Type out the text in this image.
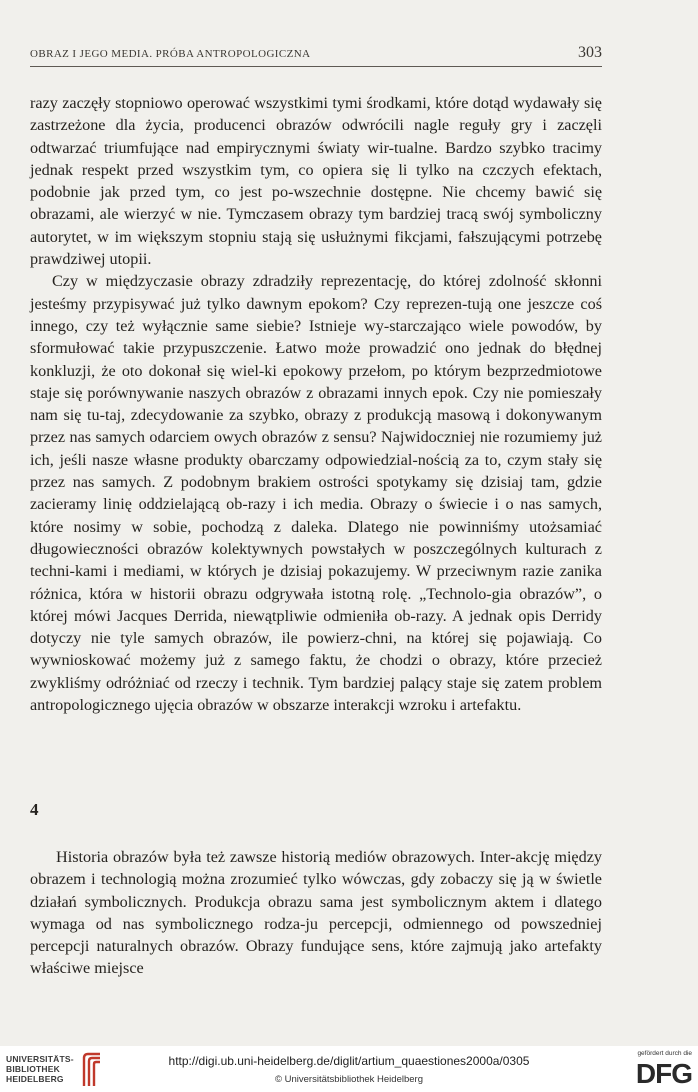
OBRAZ I JEGO MEDIA. PRÓBA ANTROPOLOGICZNA	303

razy zaczęły stopniowo operować wszystkimi tymi środkami, które dotąd wydawały się zastrzeżone dla życia, producenci obrazów odwrócili nagle reguły gry i zaczęli odtwarzać triumfujące nad empirycznymi światy wir-tualne. Bardzo szybko tracimy jednak respekt przed wszystkim tym, co opiera się li tylko na czczych efektach, podobnie jak przed tym, co jest po-wszechnie dostępne. Nie chcemy bawić się obrazami, ale wierzyć w nie. Tymczasem obrazy tym bardziej tracą swój symboliczny autorytet, w im większym stopniu stają się usłużnymi fikcjami, fałszującymi potrzebę prawdziwej utopii.

Czy w międzyczasie obrazy zdradziły reprezentację, do której zdolność skłonni jesteśmy przypisywać już tylko dawnym epokom? Czy reprezen-tują one jeszcze coś innego, czy też wyłącznie same siebie? Istnieje wy-starczająco wiele powodów, by sformułować takie przypuszczenie. Łatwo może prowadzić ono jednak do błędnej konkluzji, że oto dokonał się wiel-ki epokowy przełom, po którym bezprzedmiotowe staje się porównywanie naszych obrazów z obrazami innych epok. Czy nie pomieszały nam się tu-taj, zdecydowanie za szybko, obrazy z produkcją masową i dokonywanym przez nas samych odarciem owych obrazów z sensu? Najwidoczniej nie rozumiemy już ich, jeśli nasze własne produkty obarczamy odpowiedzial-nością za to, czym stały się przez nas samych. Z podobnym brakiem ostrości spotykamy się dzisiaj tam, gdzie zacieramy linię oddzielającą ob-razy i ich media. Obrazy o świecie i o nas samych, które nosimy w sobie, pochodzą z daleka. Dlatego nie powinniśmy utożsamiać długowieczności obrazów kolektywnych powstałych w poszczególnych kulturach z techni-kami i mediami, w których je dzisiaj pokazujemy. W przeciwnym razie zanika różnica, która w historii obrazu odgrywała istotną rolę. „Technolo-gia obrazów”, o której mówi Jacques Derrida, niewątpliwie odmieniła ob-razy. A jednak opis Derridy dotyczy nie tyle samych obrazów, ile powierz-chni, na której się pojawiają. Co wywnioskować możemy już z samego faktu, że chodzi o obrazy, które przecież zwykliśmy odróżniać od rzeczy i technik. Tym bardziej palący staje się zatem problem antropologicznego ujęcia obrazów w obszarze interakcji wzroku i artefaktu.

4

Historia obrazów była też zawsze historią mediów obrazowych. Inter-akcję między obrazem i technologią można zrozumieć tylko wówczas, gdy zobaczy się ją w świetle działań symbolicznych. Produkcja obrazu sama jest symbolicznym aktem i dlatego wymaga od nas symbolicznego rodza-ju percepcji, odmiennego od powszedniej percepcji naturalnych obrazów. Obrazy fundujące sens, które zajmują jako artefakty właściwe miejsce

UNIVERSITÄTS-
BIBLIOTHEK
HEIDELBERG
http://digi.ub.uni-heidelberg.de/diglit/artium_quaestiones2000a/0305
© Universitätsbibliothek Heidelberg
gefördert durch die
DFG
